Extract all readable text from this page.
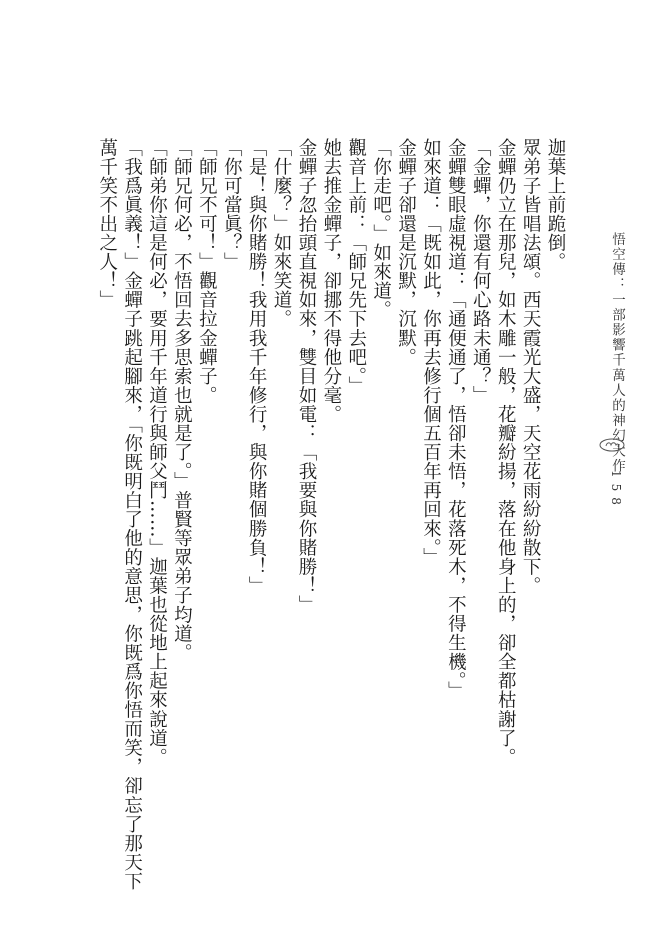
悟空傳：一部影響千萬人的神幻大作
158

迦葉上前跪倒。

眾弟子皆唱法頌。西天霞光大盛，天空花雨紛紛散下。

金蟬仍立在那兒，如木雕一般，花瓣紛揚，落在他身上的，卻全都枯謝了。

「金蟬，你還有何心路未通？」

金蟬雙眼虛視道：「通便通了，悟卻未悟，花落死木，不得生機。」

如來道：「既如此，你再去修行個五百年再回來。」

金蟬子卻還是沉默，沉默。

「你走吧。」如來道。

觀音上前：「師兄先下去吧。」

她去推金蟬子，卻挪不得他分毫。

金蟬子忽抬頭直視如來，雙目如電：「我要與你賭勝！」

「什麼？」如來笑道。

「是！與你賭勝！我用我千年修行，與你賭個勝負！」

「你可當眞？」

「師兄不可！」觀音拉金蟬子。

「師兄何必，不悟回去多思索也就是了。」普賢等眾弟子均道。

「師弟你這是何必，要用千年道行與師父鬥……」迦葉也從地上起來說道。

「我爲眞義！」金蟬子跳起腳來，「你既明白了他的意思，你既爲你悟而笑，卻忘了那天下

萬千笑不出之人！」
